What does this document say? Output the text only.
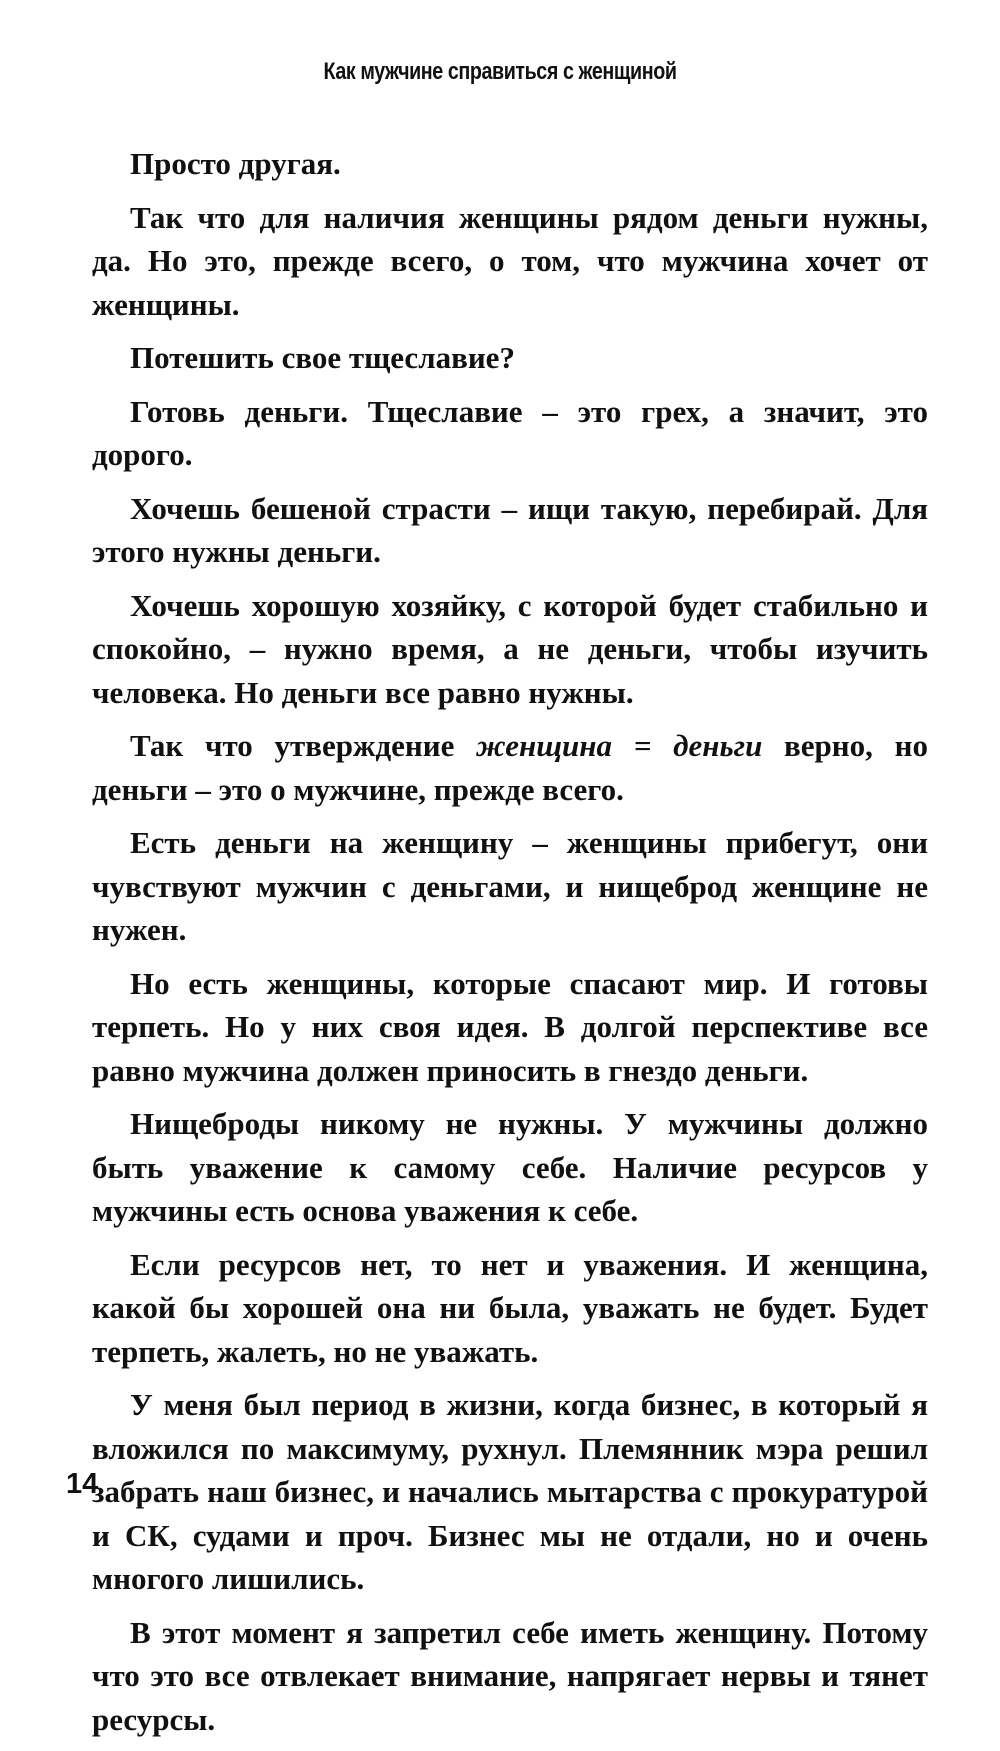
Как мужчине справиться с женщиной

Просто другая.

Так что для наличия женщины рядом деньги нужны, да. Но это, прежде всего, о том, что мужчина хочет от женщины.

Потешить свое тщеславие?

Готовь деньги. Тщеславие – это грех, а значит, это дорого.

Хочешь бешеной страсти – ищи такую, перебирай. Для этого нужны деньги.

Хочешь хорошую хозяйку, с которой будет стабильно и спокойно, – нужно время, а не деньги, чтобы изучить человека. Но деньги все равно нужны.

Так что утверждение женщина = деньги верно, но деньги – это о мужчине, прежде всего.

Есть деньги на женщину – женщины прибегут, они чувствуют мужчин с деньгами, и нищеброд женщине не нужен.

Но есть женщины, которые спасают мир. И готовы терпеть. Но у них своя идея. В долгой перспективе все равно мужчина должен приносить в гнездо деньги.

Нищеброды никому не нужны. У мужчины должно быть уважение к самому себе. Наличие ресурсов у мужчины есть основа уважения к себе.

Если ресурсов нет, то нет и уважения. И женщина, какой бы хорошей она ни была, уважать не будет. Будет терпеть, жалеть, но не уважать.

У меня был период в жизни, когда бизнес, в который я вложился по максимуму, рухнул. Племянник мэра решил забрать наш бизнес, и начались мытарства с прокуратурой и СК, судами и проч. Бизнес мы не отдали, но и очень многого лишились.

В этот момент я запретил себе иметь женщину. Потому что это все отвлекает внимание, напрягает нервы и тянет ресурсы.

14
